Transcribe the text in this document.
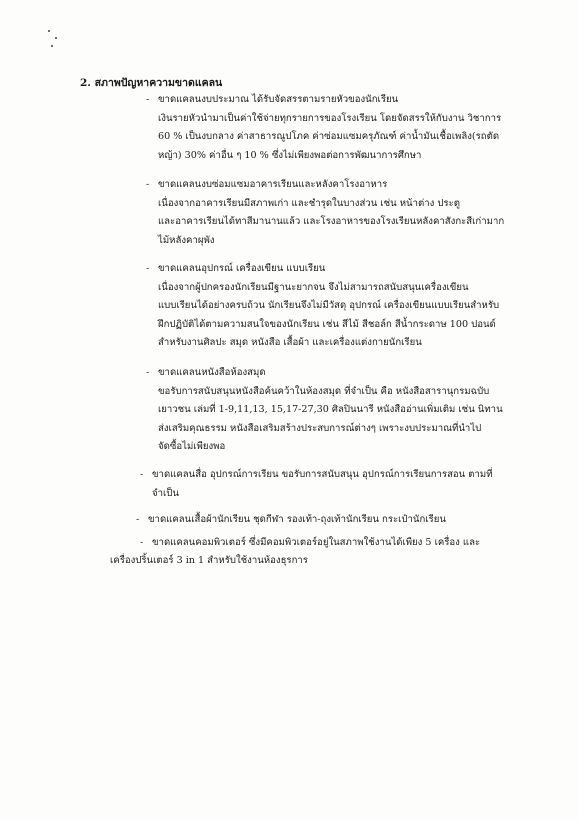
2. สภาพปัญหาความขาดแคลน
- ขาดแคลนงบประมาณ ได้รับจัดสรรตามรายหัวของนักเรียน
เงินรายหัวนำมาเป็นค่าใช้จ่ายทุกรายการของโรงเรียน โดยจัดสรรให้กับงาน วิชาการ
60 % เป็นงบกลาง ค่าสาธารณูปโภค ค่าซ่อมแซมครุภัณฑ์ ค่าน้ำมันเชื้อเพลิง(รถตัด
หญ้า) 30% ค่าอื่น ๆ 10 % ซึ่งไม่เพียงพอต่อการพัฒนาการศึกษา
- ขาดแคลนงบซ่อมแซมอาคารเรียนและหลังคาโรงอาหาร
เนื่องจากอาคารเรียนมีสภาพเก่า และชำรุดในบางส่วน เช่น หน้าต่าง ประตู
และอาคารเรียนได้ทาสีมานานแล้ว และโรงอาหารของโรงเรียนหลังคาสังกะสีเก่ามาก
ไม้หลังคาผุพัง
- ขาดแคลนอุปกรณ์ เครื่องเขียน แบบเรียน
เนื่องจากผู้ปกครองนักเรียนมีฐานะยากจน จึงไม่สามารถสนับสนุนเครื่องเขียน
แบบเรียนได้อย่างครบถ้วน นักเรียนจึงไม่มีวัสดุ อุปกรณ์ เครื่องเขียนแบบเรียนสำหรับ
ฝึกปฏิบัติได้ตามความสนใจของนักเรียน เช่น สีไม้ สีชอล์ก สีน้ำกระดาษ 100 ปอนด์
สำหรับงานศิลปะ สมุด หนังสือ เสื้อผ้า และเครื่องแต่งกายนักเรียน
- ขาดแคลนหนังสือห้องสมุด
ขอรับการสนับสนุนหนังสือค้นคว้าในห้องสมุด ที่จำเป็น คือ หนังสือสารานุกรมฉบับ
เยาวชน เล่มที่ 1-9,11,13, 15,17-27,30 ศิลปินนารี หนังสืออ่านเพิ่มเติม เช่น นิทาน
ส่งเสริมคุณธรรม หนังสือเสริมสร้างประสบการณ์ต่างๆ เพราะงบประมาณที่นำไป
จัดซื้อไม่เพียงพอ
- ขาดแคลนสื่อ อุปกรณ์การเรียน ขอรับการสนับสนุน อุปกรณ์การเรียนการสอน ตามที่
จำเป็น
- ขาดแคลนเสื้อผ้านักเรียน ชุดกีฬา รองเท้า-ถุงเท้านักเรียน กระเป๋านักเรียน
- ขาดแคลนคอมพิวเตอร์ ซึ่งมีคอมพิวเตอร์อยู่ในสภาพใช้งานได้เพียง 5 เครื่อง และ
เครื่องปริ้นเตอร์ 3 in 1 สำหรับใช้งานห้องธุรการ
